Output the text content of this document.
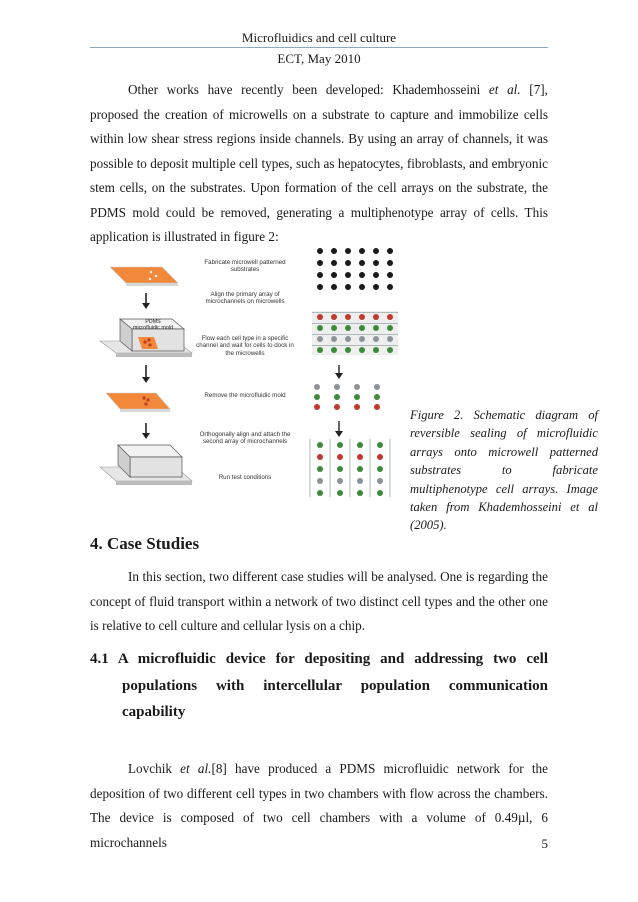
Microfluidics and cell culture
ECT, May 2010

Other works have recently been developed: Khademhosseini et al. [7], proposed the creation of microwells on a substrate to capture and immobilize cells within low shear stress regions inside channels. By using an array of channels, it was possible to deposit multiple cell types, such as hepatocytes, fibroblasts, and embryonic stem cells, on the substrates. Upon formation of the cell arrays on the substrate, the PDMS mold could be removed, generating a multiphenotype array of cells. This application is illustrated in figure 2:

PDMS microfluidic mold
Fabricate microwell patterned substrates
Align the primary array of microchannels on microwells
Flow each cell type in a specific channel and wait for cells to dock in the microwells
Remove the microfluidic mold
Orthogonally align and attach the second array of microchannels
Run test conditions

Figure 2. Schematic diagram of reversible sealing of microfluidic arrays onto microwell patterned substrates to fabricate multiphenotype cell arrays. Image taken from Khademhosseini et al (2005).

4. Case Studies

In this section, two different case studies will be analysed. One is regarding the concept of fluid transport within a network of two distinct cell types and the other one is relative to cell culture and cellular lysis on a chip.

4.1 A microfluidic device for depositing and addressing two cell
populations with intercellular population communication
capability

Lovchik et al.[8] have produced a PDMS microfluidic network for the deposition of two different cell types in two chambers with flow across the chambers. The device is composed of two cell chambers with a volume of 0.49µl, 6 microchannels	5
